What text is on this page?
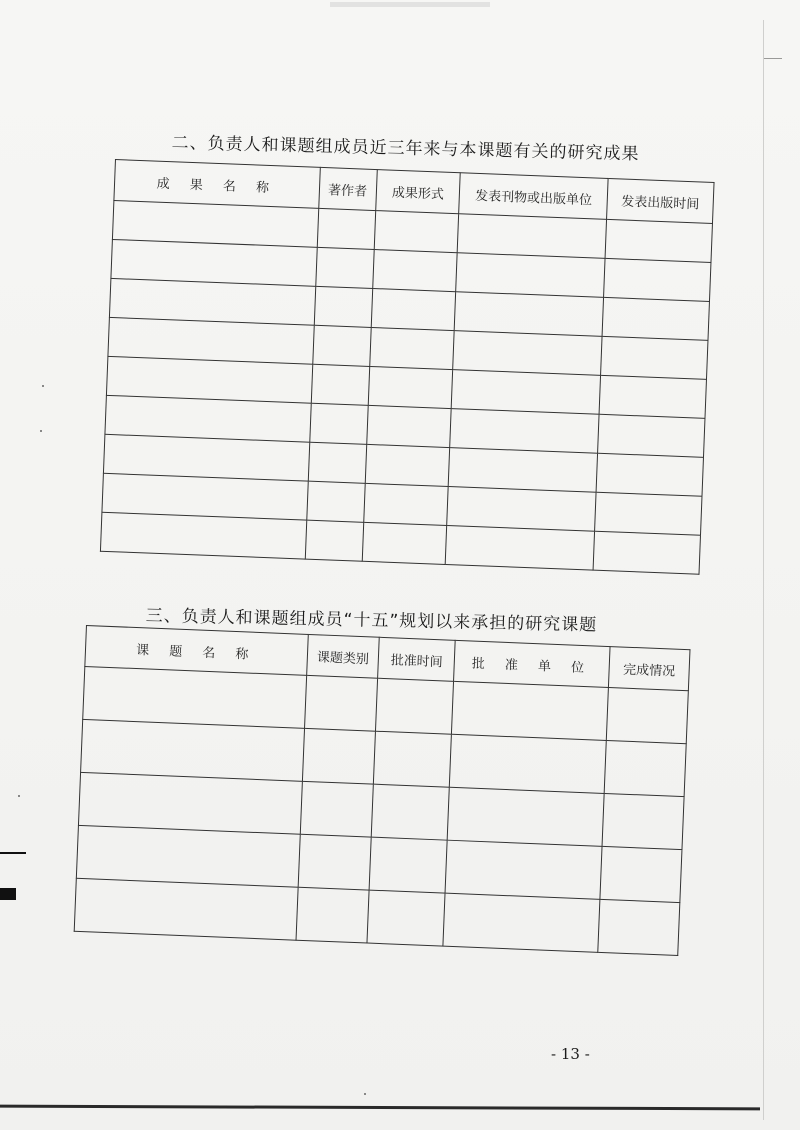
二、负责人和课题组成员近三年来与本课题有关的研究成果
成 果 名 称	著作者	成果形式	发表刊物或出版单位	发表出版时间

三、负责人和课题组成员“十五”规划以来承担的研究课题
课 题 名 称	课题类别	批准时间	批 准 单 位	完成情况

- 13 -
